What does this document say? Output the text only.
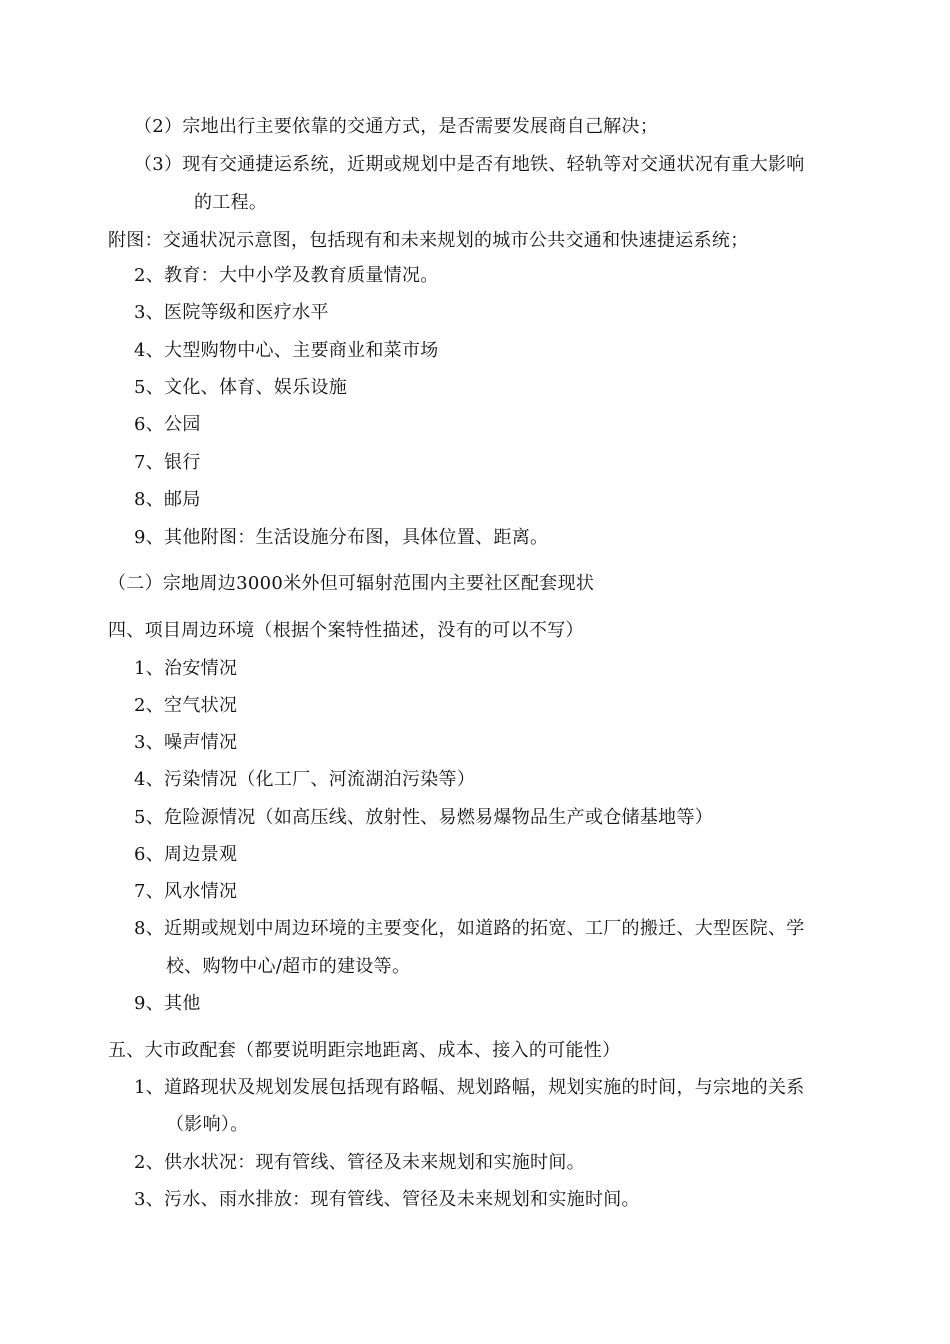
（2）宗地出行主要依靠的交通方式，是否需要发展商自己解决；
（3）现有交通捷运系统，近期或规划中是否有地铁、轻轨等对交通状况有重大影响
的工程。
附图：交通状况示意图，包括现有和未来规划的城市公共交通和快速捷运系统；
2、教育：大中小学及教育质量情况。
3、医院等级和医疗水平
4、大型购物中心、主要商业和菜市场
5、文化、体育、娱乐设施
6、公园
7、银行
8、邮局
9、其他附图：生活设施分布图，具体位置、距离。
（二）宗地周边3000米外但可辐射范围内主要社区配套现状
四、项目周边环境（根据个案特性描述，没有的可以不写）
1、治安情况
2、空气状况
3、噪声情况
4、污染情况（化工厂、河流湖泊污染等）
5、危险源情况（如高压线、放射性、易燃易爆物品生产或仓储基地等）
6、周边景观
7、风水情况
8、近期或规划中周边环境的主要变化，如道路的拓宽、工厂的搬迁、大型医院、学
校、购物中心/超市的建设等。
9、其他
五、大市政配套（都要说明距宗地距离、成本、接入的可能性）
1、道路现状及规划发展包括现有路幅、规划路幅，规划实施的时间，与宗地的关系
（影响）。
2、供水状况：现有管线、管径及未来规划和实施时间。
3、污水、雨水排放：现有管线、管径及未来规划和实施时间。
